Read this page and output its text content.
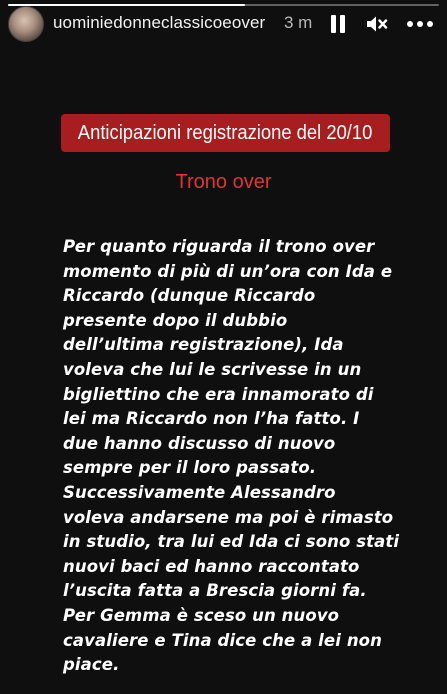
uominiedonneclassicoeover 3 m
Anticipazioni registrazione del 20/10
Trono over

Per quanto riguarda il trono over
momento di più di un’ora con Ida e
Riccardo (dunque Riccardo
presente dopo il dubbio
dell’ultima registrazione), Ida
voleva che lui le scrivesse in un
bigliettino che era innamorato di
lei ma Riccardo non l’ha fatto. I
due hanno discusso di nuovo
sempre per il loro passato.
Successivamente Alessandro
voleva andarsene ma poi è rimasto
in studio, tra lui ed Ida ci sono stati
nuovi baci ed hanno raccontato
l’uscita fatta a Brescia giorni fa.
Per Gemma è sceso un nuovo
cavaliere e Tina dice che a lei non
piace.
